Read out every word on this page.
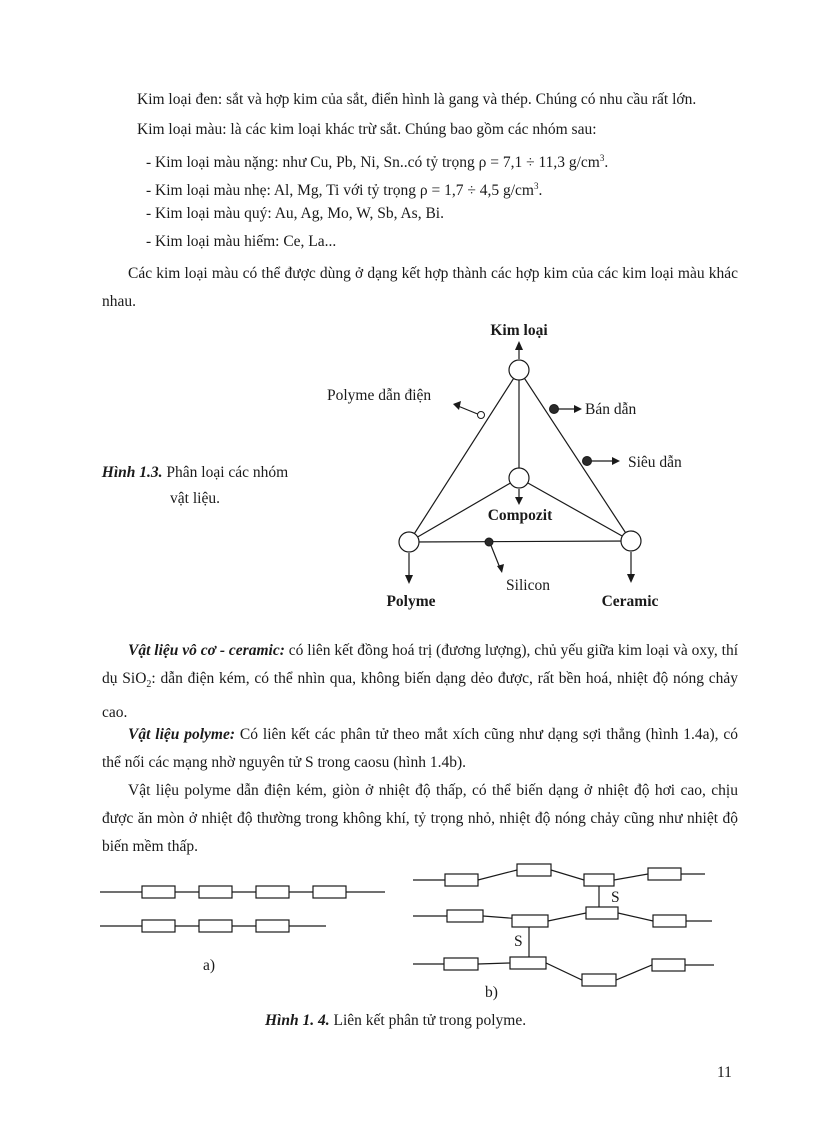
Kim loại đen: sắt và hợp kim của sắt, điển hình là gang và thép. Chúng có nhu cầu rất lớn.
Kim loại màu: là các kim loại khác trừ sắt. Chúng bao gồm các nhóm sau:
- Kim loại màu nặng: như Cu, Pb, Ni, Sn..có tỷ trọng ρ = 7,1 ÷ 11,3 $g/cm^3$.
- Kim loại màu nhẹ: Al, Mg, Ti với tỷ trọng ρ = 1,7 ÷ 4,5 $g/cm^3$.
- Kim loại màu quý: Au, Ag, Mo, W, Sb, As, Bi.
- Kim loại màu hiếm: Ce, La...
Các kim loại màu có thể được dùng ở dạng kết hợp thành các hợp kim của các kim loại màu khác nhau.
Hình 1.3. Phân loại các nhóm vật liệu.
Kim loại
Polyme dẫn điện
Bán dẫn
Siêu dẫn
Compozit
Silicon
Polyme	Ceramic
S
S
a)
b)
Vật liệu vô cơ - ceramic: có liên kết đồng hoá trị (đương lượng), chủ yếu giữa kim loại và oxy, thí dụ SiO$_2$: dẫn điện kém, có thể nhìn qua, không biến dạng dẻo được, rất bền hoá, nhiệt độ nóng chảy cao.
Vật liệu polyme: Có liên kết các phân tử theo mắt xích cũng như dạng sợi thẳng (hình 1.4a), có thể nối các mạng nhờ nguyên tử S trong caosu (hình 1.4b).
Vật liệu polyme dẫn điện kém, giòn ở nhiệt độ thấp, có thể biến dạng ở nhiệt độ hơi cao, chịu được ăn mòn ở nhiệt độ thường trong không khí, tỷ trọng nhỏ, nhiệt độ nóng chảy cũng như nhiệt độ biến mềm thấp.
Hình 1. 4. Liên kết phân tử trong polyme.
11
